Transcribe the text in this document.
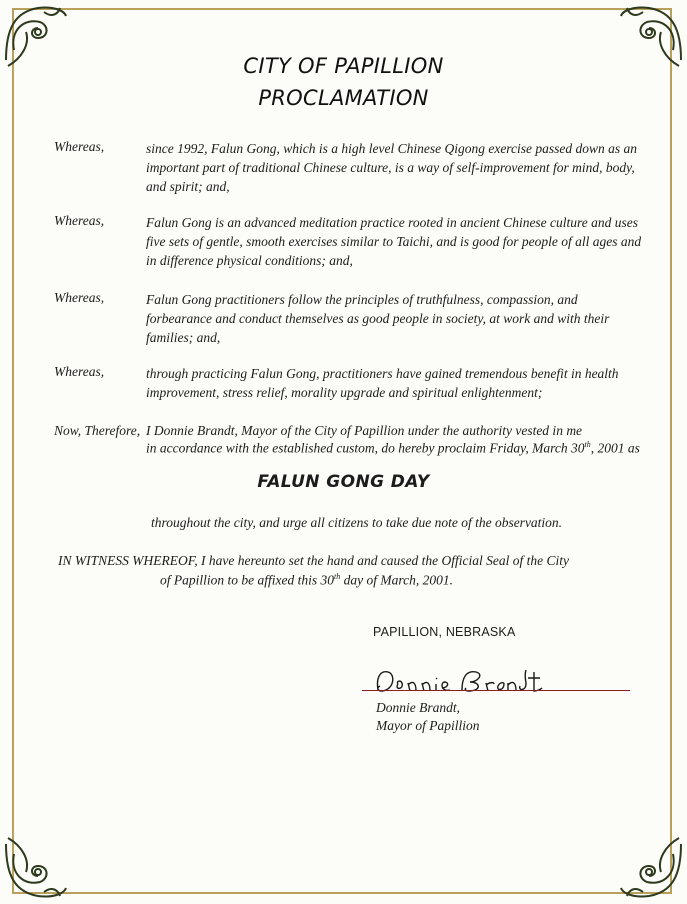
CITY OF PAPILLION
PROCLAMATION
Whereas,	since 1992, Falun Gong, which is a high level Chinese Qigong exercise passed down as an important part of traditional Chinese culture, is a way of self-improvement for mind, body, and spirit; and,
Whereas,	Falun Gong is an advanced meditation practice rooted in ancient Chinese culture and uses five sets of gentle, smooth exercises similar to Taichi, and is good for people of all ages and in difference physical conditions; and,
Whereas,	Falun Gong practitioners follow the principles of truthfulness, compassion, and forbearance and conduct themselves as good people in society, at work and with their families; and,
Whereas,	through practicing Falun Gong, practitioners have gained tremendous benefit in health improvement, stress relief, morality upgrade and spiritual enlightenment;
Now, Therefore, I Donnie Brandt, Mayor of the City of Papillion under the authority vested in me
in accordance with the established custom, do hereby proclaim Friday, March 30th, 2001 as
FALUN GONG DAY
throughout the city, and urge all citizens to take due note of the observation.
IN WITNESS WHEREOF, I have hereunto set the hand and caused the Official Seal of the City
of Papillion to be affixed this 30th day of March, 2001.
PAPILLION, NEBRASKA
Donnie Brandt,
Mayor of Papillion
